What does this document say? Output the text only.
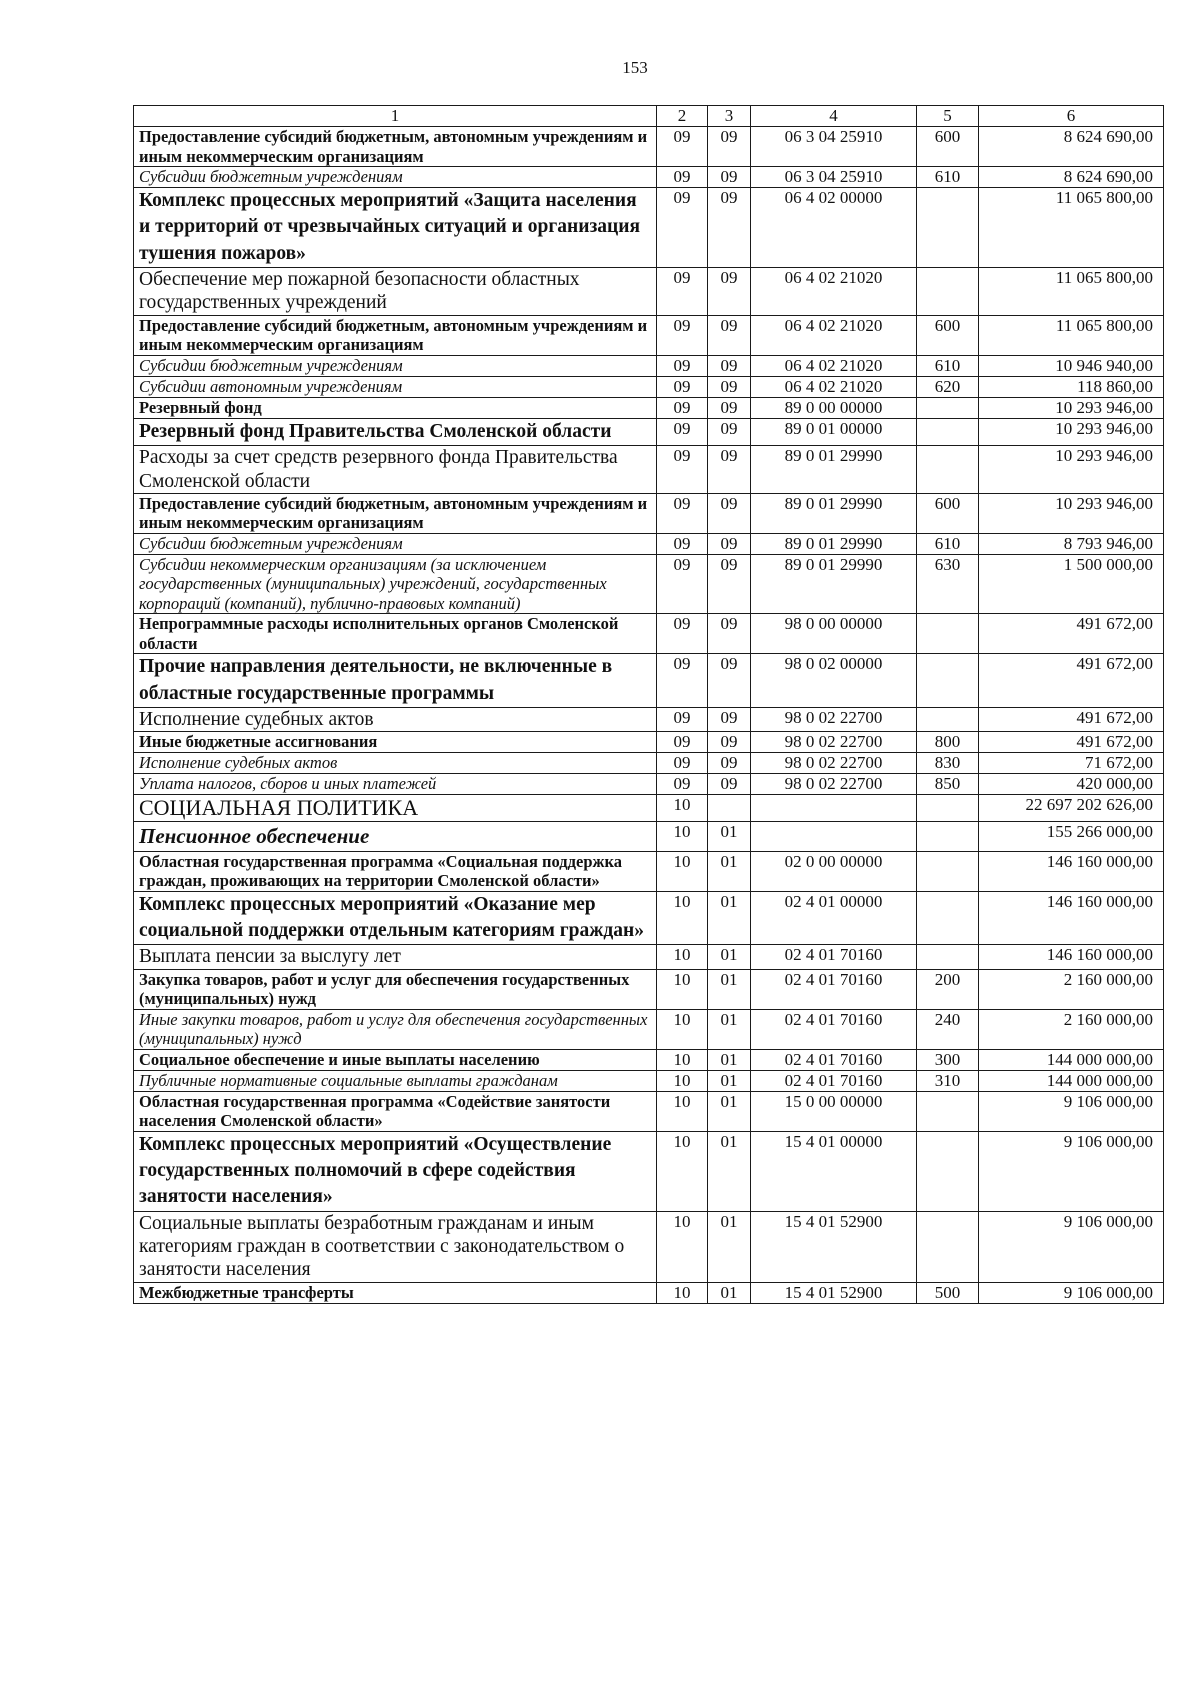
153
1	2	3	4	5	6
Предоставление субсидий бюджетным, автономным учреждениям и иным некоммерческим организациям	09	09	06 3 04 25910	600	8 624 690,00
Субсидии бюджетным учреждениям	09	09	06 3 04 25910	610	8 624 690,00
Комплекс процессных мероприятий «Защита населения и территорий от чрезвычайных ситуаций и организация тушения пожаров»	09	09	06 4 02 00000		11 065 800,00
Обеспечение мер пожарной безопасности областных государственных учреждений	09	09	06 4 02 21020		11 065 800,00
Предоставление субсидий бюджетным, автономным учреждениям и иным некоммерческим организациям	09	09	06 4 02 21020	600	11 065 800,00
Субсидии бюджетным учреждениям	09	09	06 4 02 21020	610	10 946 940,00
Субсидии автономным учреждениям	09	09	06 4 02 21020	620	118 860,00
Резервный фонд	09	09	89 0 00 00000		10 293 946,00
Резервный фонд Правительства Смоленской области	09	09	89 0 01 00000		10 293 946,00
Расходы за счет средств резервного фонда Правительства Смоленской области	09	09	89 0 01 29990		10 293 946,00
Предоставление субсидий бюджетным, автономным учреждениям и иным некоммерческим организациям	09	09	89 0 01 29990	600	10 293 946,00
Субсидии бюджетным учреждениям	09	09	89 0 01 29990	610	8 793 946,00
Субсидии некоммерческим организациям (за исключением государственных (муниципальных) учреждений, государственных корпораций (компаний), публично-правовых компаний)	09	09	89 0 01 29990	630	1 500 000,00
Непрограммные расходы исполнительных органов Смоленской области	09	09	98 0 00 00000		491 672,00
Прочие направления деятельности, не включенные в областные государственные программы	09	09	98 0 02 00000		491 672,00
Исполнение судебных актов	09	09	98 0 02 22700		491 672,00
Иные бюджетные ассигнования	09	09	98 0 02 22700	800	491 672,00
Исполнение судебных актов	09	09	98 0 02 22700	830	71 672,00
Уплата налогов, сборов и иных платежей	09	09	98 0 02 22700	850	420 000,00
СОЦИАЛЬНАЯ ПОЛИТИКА	10				22 697 202 626,00
Пенсионное обеспечение	10	01			155 266 000,00
Областная государственная программа «Социальная поддержка граждан, проживающих на территории Смоленской области»	10	01	02 0 00 00000		146 160 000,00
Комплекс процессных мероприятий «Оказание мер социальной поддержки отдельным категориям граждан»	10	01	02 4 01 00000		146 160 000,00
Выплата пенсии за выслугу лет	10	01	02 4 01 70160		146 160 000,00
Закупка товаров, работ и услуг для обеспечения государственных (муниципальных) нужд	10	01	02 4 01 70160	200	2 160 000,00
Иные закупки товаров, работ и услуг для обеспечения государственных (муниципальных) нужд	10	01	02 4 01 70160	240	2 160 000,00
Социальное обеспечение и иные выплаты населению	10	01	02 4 01 70160	300	144 000 000,00
Публичные нормативные социальные выплаты гражданам	10	01	02 4 01 70160	310	144 000 000,00
Областная государственная программа «Содействие занятости населения Смоленской области»	10	01	15 0 00 00000		9 106 000,00
Комплекс процессных мероприятий «Осуществление государственных полномочий в сфере содействия занятости населения»	10	01	15 4 01 00000		9 106 000,00
Социальные выплаты безработным гражданам и иным категориям граждан в соответствии с законодательством о занятости населения	10	01	15 4 01 52900		9 106 000,00
Межбюджетные трансферты	10	01	15 4 01 52900	500	9 106 000,00
